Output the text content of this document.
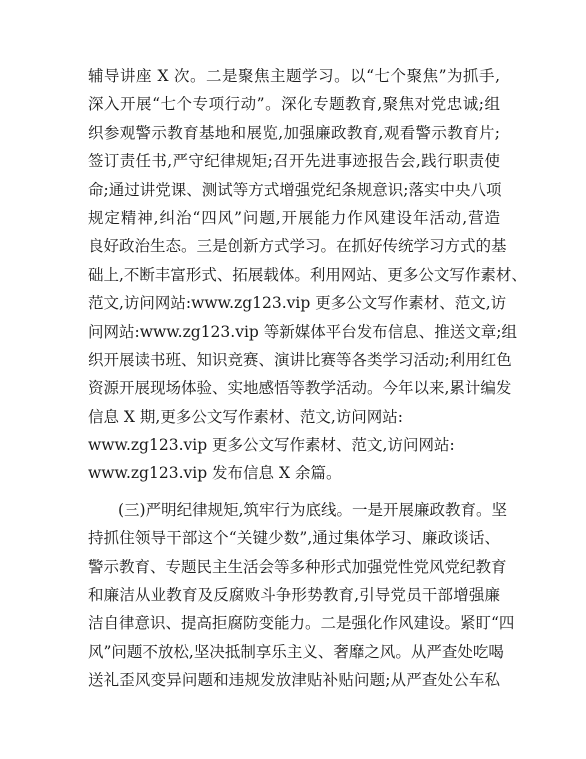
辅导讲座 X 次。二是聚焦主题学习。以“七个聚焦”为抓手,
深入开展“七个专项行动”。深化专题教育,聚焦对党忠诚;组
织参观警示教育基地和展览,加强廉政教育,观看警示教育片;
签订责任书,严守纪律规矩;召开先进事迹报告会,践行职责使
命;通过讲党课、测试等方式增强党纪条规意识;落实中央八项
规定精神,纠治“四风”问题,开展能力作风建设年活动,营造
良好政治生态。三是创新方式学习。在抓好传统学习方式的基
础上,不断丰富形式、拓展载体。利用网站、更多公文写作素材、
范文,访问网站:www.zg123.vip 更多公文写作素材、范文,访
问网站:www.zg123.vip 等新媒体平台发布信息、推送文章;组
织开展读书班、知识竞赛、演讲比赛等各类学习活动;利用红色
资源开展现场体验、实地感悟等教学活动。今年以来,累计编发
信息 X 期,更多公文写作素材、范文,访问网站:
www.zg123.vip 更多公文写作素材、范文,访问网站:
www.zg123.vip 发布信息 X 余篇。
(三)严明纪律规矩,筑牢行为底线。一是开展廉政教育。坚
持抓住领导干部这个“关键少数”,通过集体学习、廉政谈话、
警示教育、专题民主生活会等多种形式加强党性党风党纪教育
和廉洁从业教育及反腐败斗争形势教育,引导党员干部增强廉
洁自律意识、提高拒腐防变能力。二是强化作风建设。紧盯“四
风”问题不放松,坚决抵制享乐主义、奢靡之风。从严查处吃喝
送礼歪风变异问题和违规发放津贴补贴问题;从严查处公车私
